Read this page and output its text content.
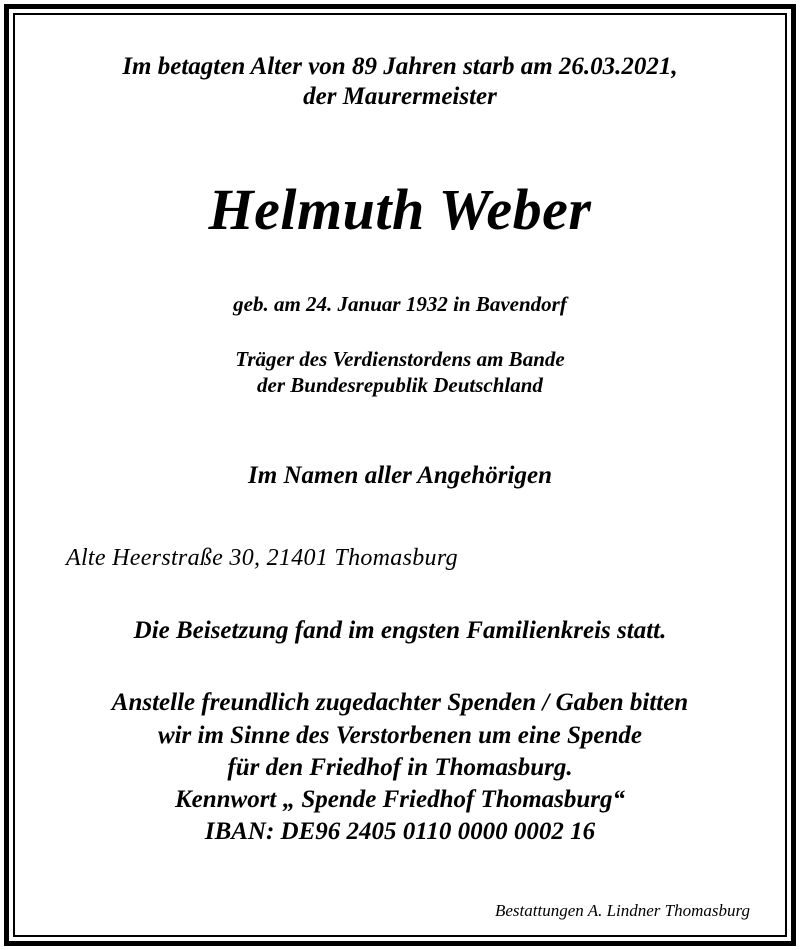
Im betagten Alter von 89 Jahren starb am 26.03.2021,
der Maurermeister
Helmuth Weber
geb. am 24. Januar 1932 in Bavendorf
Träger des Verdienstordens am Bande
der Bundesrepublik Deutschland
Im Namen aller Angehörigen
Alte Heerstraße 30, 21401 Thomasburg
Die Beisetzung fand im engsten Familienkreis statt.
Anstelle freundlich zugedachter Spenden / Gaben bitten
wir im Sinne des Verstorbenen um eine Spende
für den Friedhof in Thomasburg.
Kennwort „ Spende Friedhof Thomasburg“
IBAN: DE96 2405 0110 0000 0002 16
Bestattungen A. Lindner Thomasburg
